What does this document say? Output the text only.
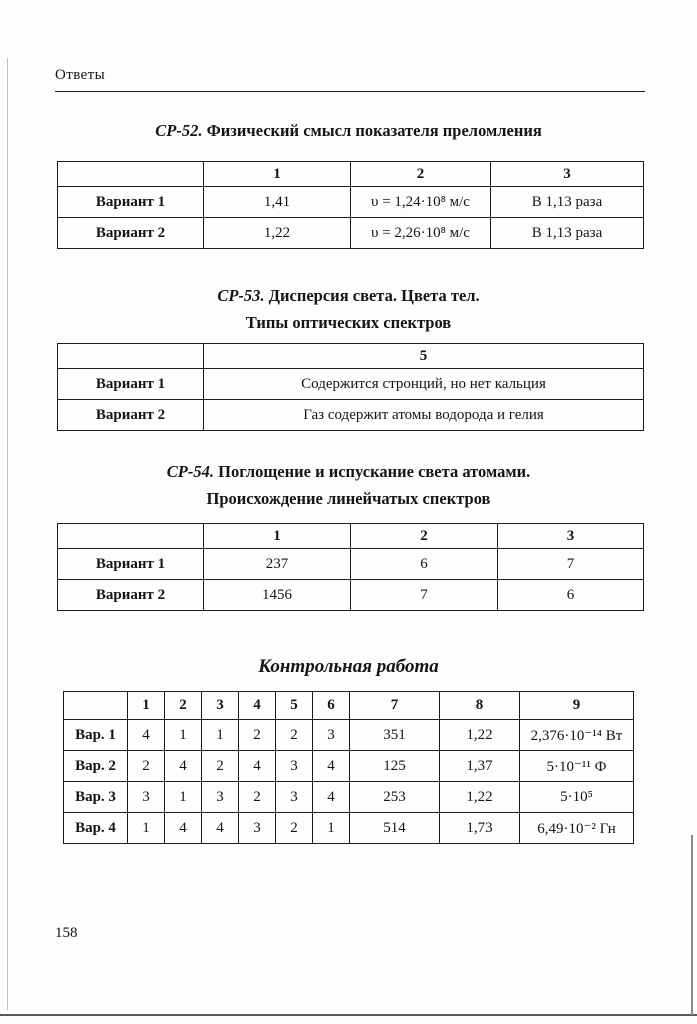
Ответы
СР-52. Физический смысл показателя преломления
	1	2	3
Вариант 1	1,41	υ = 1,24·10⁸ м/с	В 1,13 раза
Вариант 2	1,22	υ = 2,26·10⁸ м/с	В 1,13 раза
СР-53. Дисперсия света. Цвета тел.
Типы оптических спектров
	5
Вариант 1	Содержится стронций, но нет кальция
Вариант 2	Газ содержит атомы водорода и гелия
СР-54. Поглощение и испускание света атомами.
Происхождение линейчатых спектров
	1	2	3
Вариант 1	237	6	7
Вариант 2	1456	7	6
Контрольная работа
	1	2	3	4	5	6	7	8	9
Вар. 1	4	1	1	2	2	3	351	1,22	2,376·10⁻¹⁴ Вт
Вар. 2	2	4	2	4	3	4	125	1,37	5·10⁻¹¹ Ф
Вар. 3	3	1	3	2	3	4	253	1,22	5·10⁵
Вар. 4	1	4	4	3	2	1	514	1,73	6,49·10⁻² Гн
158
